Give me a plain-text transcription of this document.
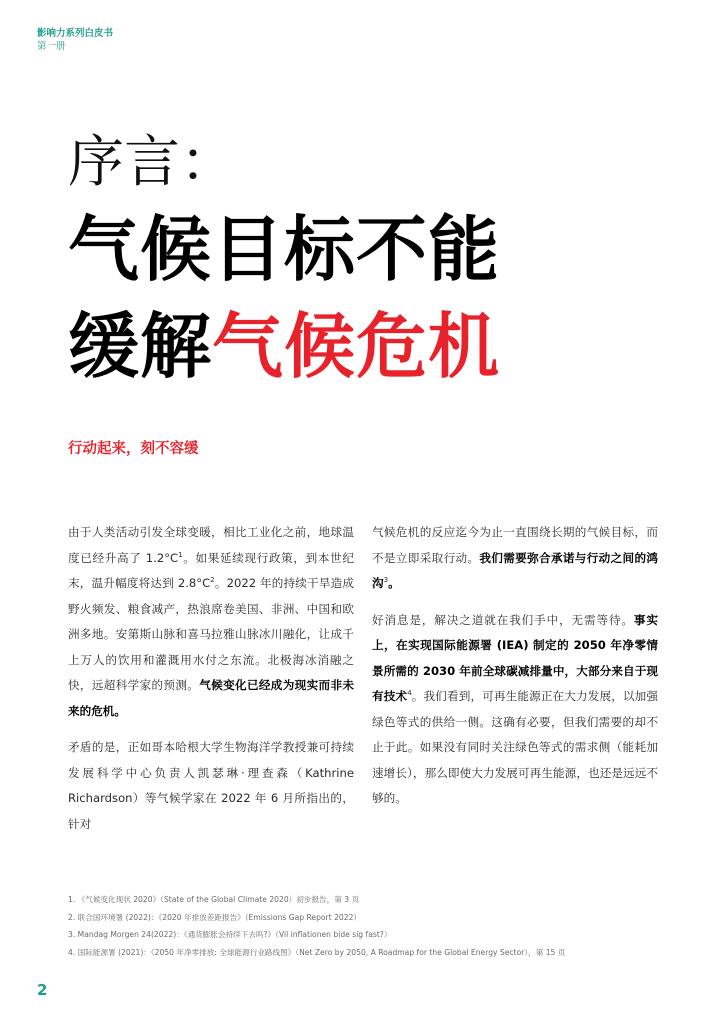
影响力系列白皮书
第一册
序言：
气候目标不能
缓解气候危机
行动起来，刻不容缓

由于人类活动引发全球变暖，相比工业化之前，地球温度已经升高了 $1.2^\circ C^1$。如果延续现行政策，到本世纪末，温升幅度将达到 $2.8^\circ C^2$。2022 年的持续干旱造成野火频发、粮食减产，热浪席卷美国、非洲、中国和欧洲多地。安第斯山脉和喜马拉雅山脉冰川融化，让成千上万人的饮用和灌溉用水付之东流。北极海冰消融之快，远超科学家的预测。气候变化已经成为现实而非未来的危机。

矛盾的是，正如哥本哈根大学生物海洋学教授兼可持续发展科学中心负责人凯瑟琳·理查森（Kathrine Richardson）等气候学家在 2022 年 6 月所指出的，针对

气候危机的反应迄今为止一直围绕长期的气候目标，而不是立即采取行动。我们需要弥合承诺与行动之间的鸿沟$^3$。

好消息是，解决之道就在我们手中，无需等待。事实上，在实现国际能源署 (IEA) 制定的 2050 年净零情景所需的 2030 年前全球碳减排量中，大部分来自于现有技术$^4$。我们看到，可再生能源正在大力发展，以加强绿色等式的供给一侧。这确有必要，但我们需要的却不止于此。如果没有同时关注绿色等式的需求侧（能耗加速增长），那么即使大力发展可再生能源，也还是远远不够的。

1. 《气候变化现状 2020》（State of the Global Climate 2020）初步报告，第 3 页
2. 联合国环境署 (2022)：《2020 年排放差距报告》（Emissions Gap Report 2022）
3. Mandag Morgen 24(2022)：《通货膨胀会持续下去吗?》（Vil inflationen bide sig fast?）
4. 国际能源署 (2021)：《2050 年净零排放: 全球能源行业路线图》（Net Zero by 2050, A Roadmap for the Global Energy Sector），第 15 页
2
